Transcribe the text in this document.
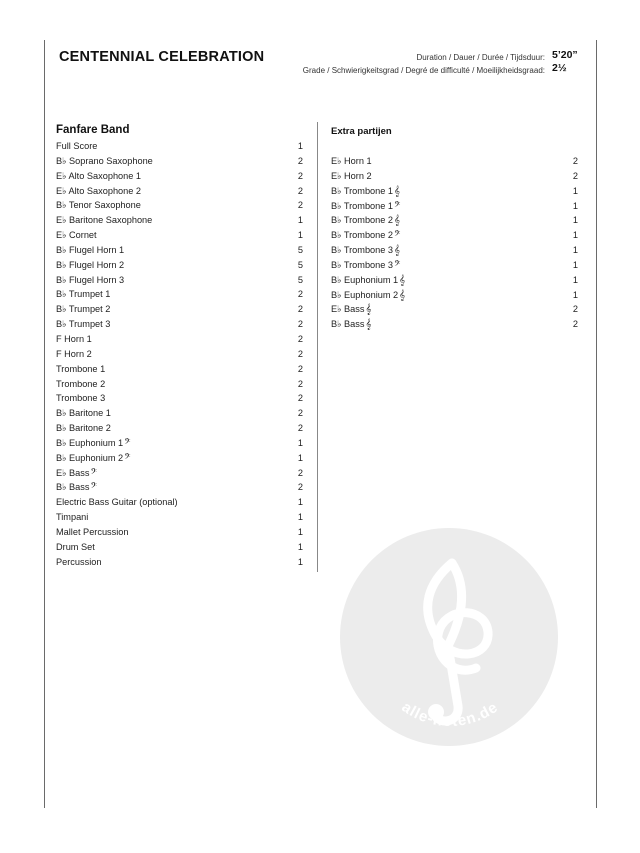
CENTENNIAL CELEBRATION	Duration / Dauer / Durée / Tijdsduur: 5’20”
Grade / Schwierigkeitsgrad / Degré de difficulté / Moeilijkheidsgraad: 2½
Fanfare Band
Full Score	1
B♭ Soprano Saxophone	2
E♭ Alto Saxophone 1	2
E♭ Alto Saxophone 2	2
B♭ Tenor Saxophone	2
E♭ Baritone Saxophone	1
E♭ Cornet	1
B♭ Flugel Horn 1	5
B♭ Flugel Horn 2	5
B♭ Flugel Horn 3	5
B♭ Trumpet 1	2
B♭ Trumpet 2	2
B♭ Trumpet 3	2
F Horn 1	2
F Horn 2	2
Trombone 1	2
Trombone 2	2
Trombone 3	2
B♭ Baritone 1	2
B♭ Baritone 2	2
B♭ Euphonium 1𝄢	1
B♭ Euphonium 2𝄢	1
E♭ Bass𝄢	2
B♭ Bass𝄢	2
Electric Bass Guitar (optional)	1
Timpani	1
Mallet Percussion	1
Drum Set	1
Percussion	1
Extra partijen
E♭ Horn 1	2
E♭ Horn 2	2
B♭ Trombone 1𝄞	1
B♭ Trombone 1𝄢	1
B♭ Trombone 2𝄞	1
B♭ Trombone 2𝄢	1
B♭ Trombone 3𝄞	1
B♭ Trombone 3𝄢	1
B♭ Euphonium 1𝄞	1
B♭ Euphonium 2𝄞	1
E♭ Bass𝄞	2
B♭ Bass𝄞	2
alle-noten.de
